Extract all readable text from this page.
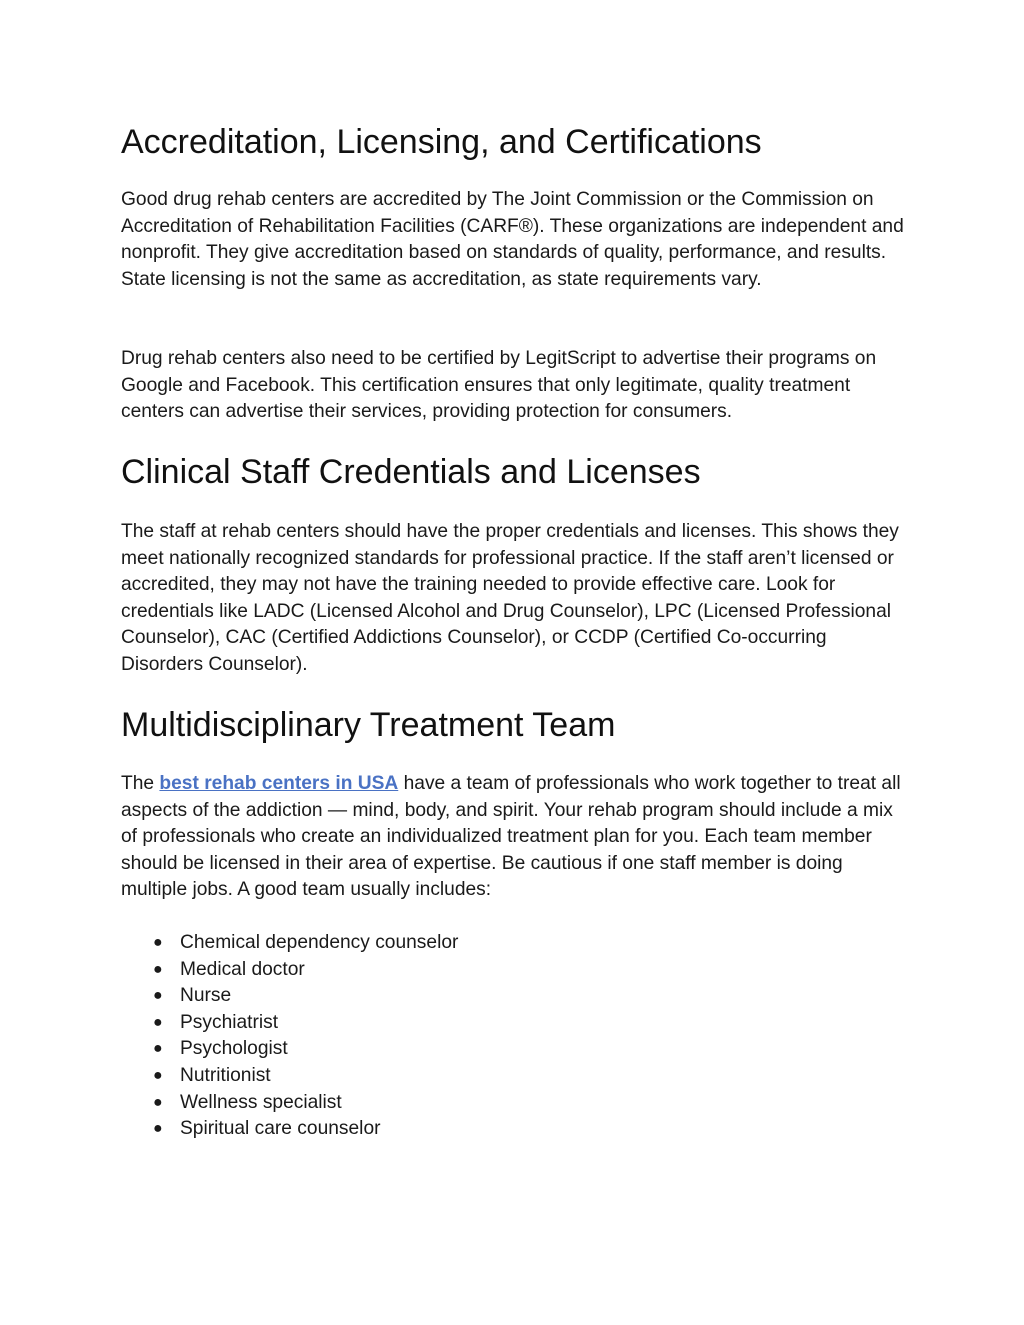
Accreditation, Licensing, and Certifications

Good drug rehab centers are accredited by The Joint Commission or the Commission on Accreditation of Rehabilitation Facilities (CARF®). These organizations are independent and nonprofit. They give accreditation based on standards of quality, performance, and results. State licensing is not the same as accreditation, as state requirements vary.

Drug rehab centers also need to be certified by LegitScript to advertise their programs on Google and Facebook. This certification ensures that only legitimate, quality treatment centers can advertise their services, providing protection for consumers.

Clinical Staff Credentials and Licenses

The staff at rehab centers should have the proper credentials and licenses. This shows they meet nationally recognized standards for professional practice. If the staff aren’t licensed or accredited, they may not have the training needed to provide effective care. Look for credentials like LADC (Licensed Alcohol and Drug Counselor), LPC (Licensed Professional Counselor), CAC (Certified Addictions Counselor), or CCDP (Certified Co-occurring Disorders Counselor).

Multidisciplinary Treatment Team

The best rehab centers in USA have a team of professionals who work together to treat all aspects of the addiction — mind, body, and spirit. Your rehab program should include a mix of professionals who create an individualized treatment plan for you. Each team member should be licensed in their area of expertise. Be cautious if one staff member is doing multiple jobs. A good team usually includes:

● Chemical dependency counselor
● Medical doctor
● Nurse
● Psychiatrist
● Psychologist
● Nutritionist
● Wellness specialist
● Spiritual care counselor
